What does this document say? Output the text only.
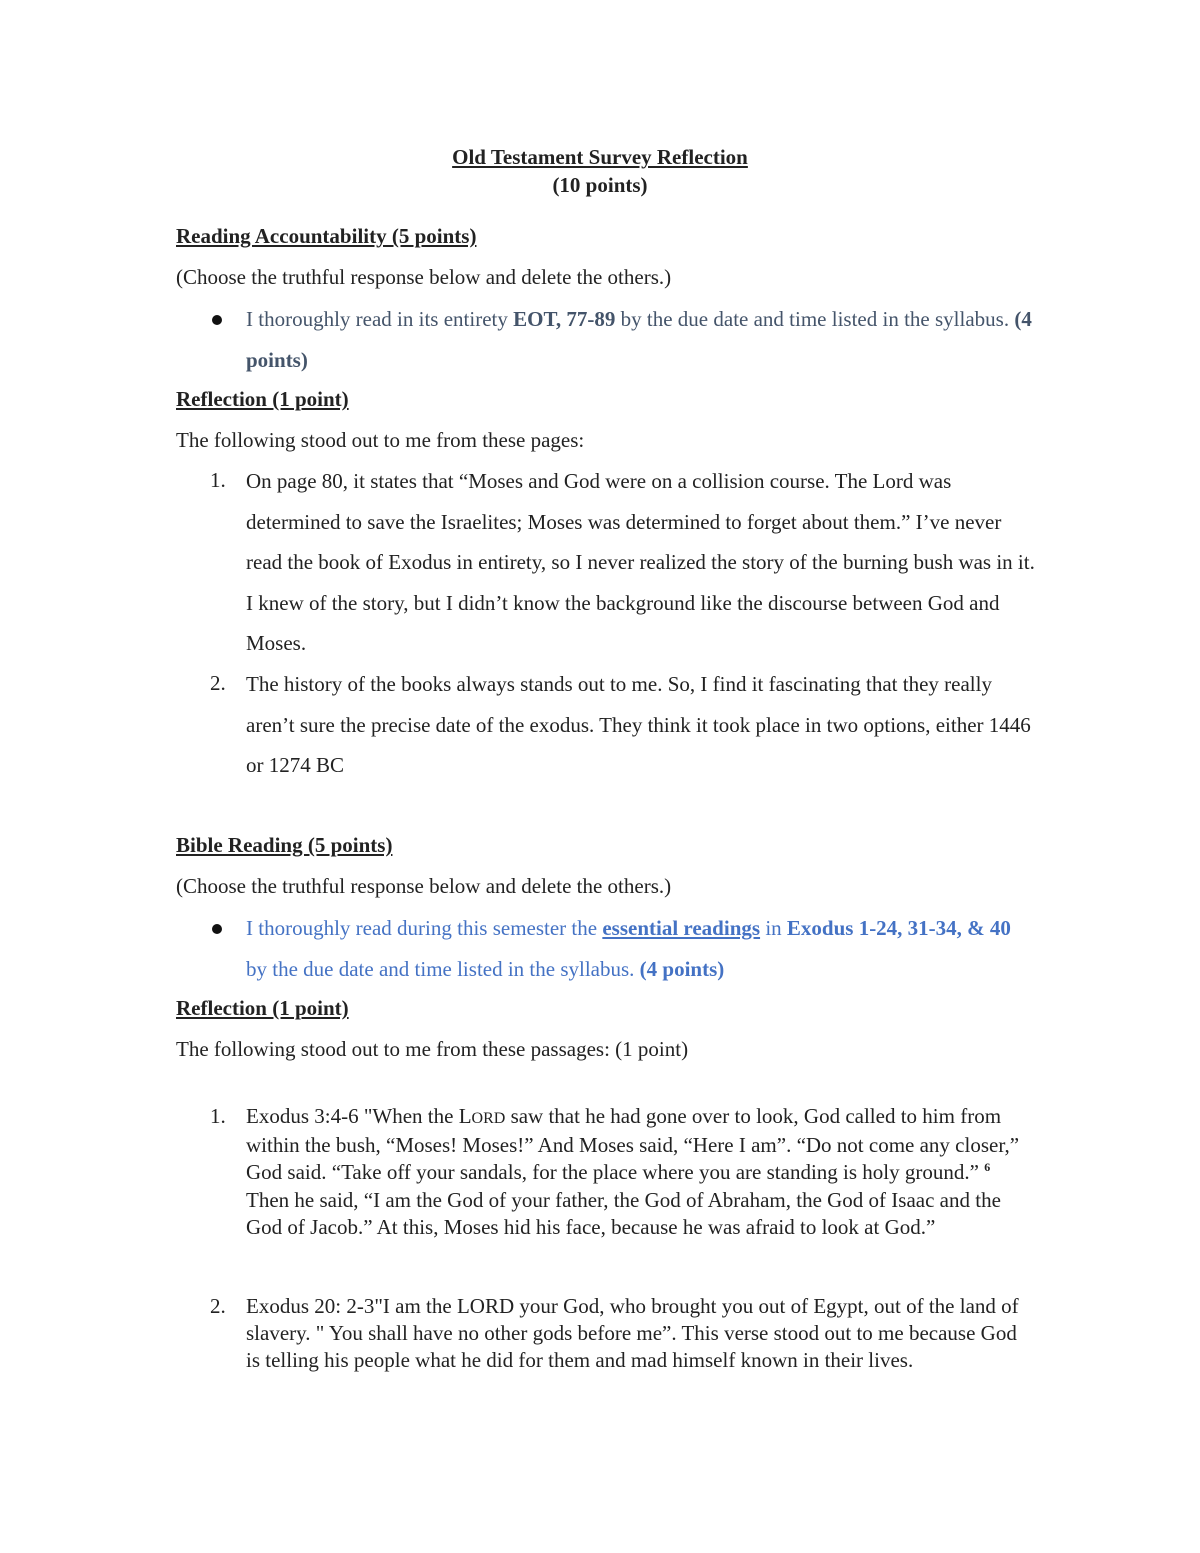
Old Testament Survey Reflection
(10 points)
Reading Accountability (5 points)
(Choose the truthful response below and delete the others.)
I thoroughly read in its entirety EOT, 77-89 by the due date and time listed in the syllabus. (4 points)
Reflection (1 point)
The following stood out to me from these pages:
1. On page 80, it states that “Moses and God were on a collision course. The Lord was determined to save the Israelites; Moses was determined to forget about them.” I’ve never read the book of Exodus in entirety, so I never realized the story of the burning bush was in it. I knew of the story, but I didn’t know the background like the discourse between God and Moses.
2. The history of the books always stands out to me. So, I find it fascinating that they really aren’t sure the precise date of the exodus. They think it took place in two options, either 1446 or 1274 BC
Bible Reading (5 points)
(Choose the truthful response below and delete the others.)
I thoroughly read during this semester the essential readings in Exodus 1-24, 31-34, & 40 by the due date and time listed in the syllabus. (4 points)
Reflection (1 point)
The following stood out to me from these passages: (1 point)
1. Exodus 3:4-6 "When the LORD saw that he had gone over to look, God called to him from within the bush, “Moses! Moses!” And Moses said, “Here I am”. “Do not come any closer,” God said. “Take off your sandals, for the place where you are standing is holy ground.” $^6$ Then he said, “I am the God of your father, the God of Abraham, the God of Isaac and the God of Jacob.” At this, Moses hid his face, because he was afraid to look at God.”
2. Exodus 20: 2-3"I am the LORD your God, who brought you out of Egypt, out of the land of slavery. " You shall have no other gods before me”. This verse stood out to me because God is telling his people what he did for them and mad himself known in their lives.
